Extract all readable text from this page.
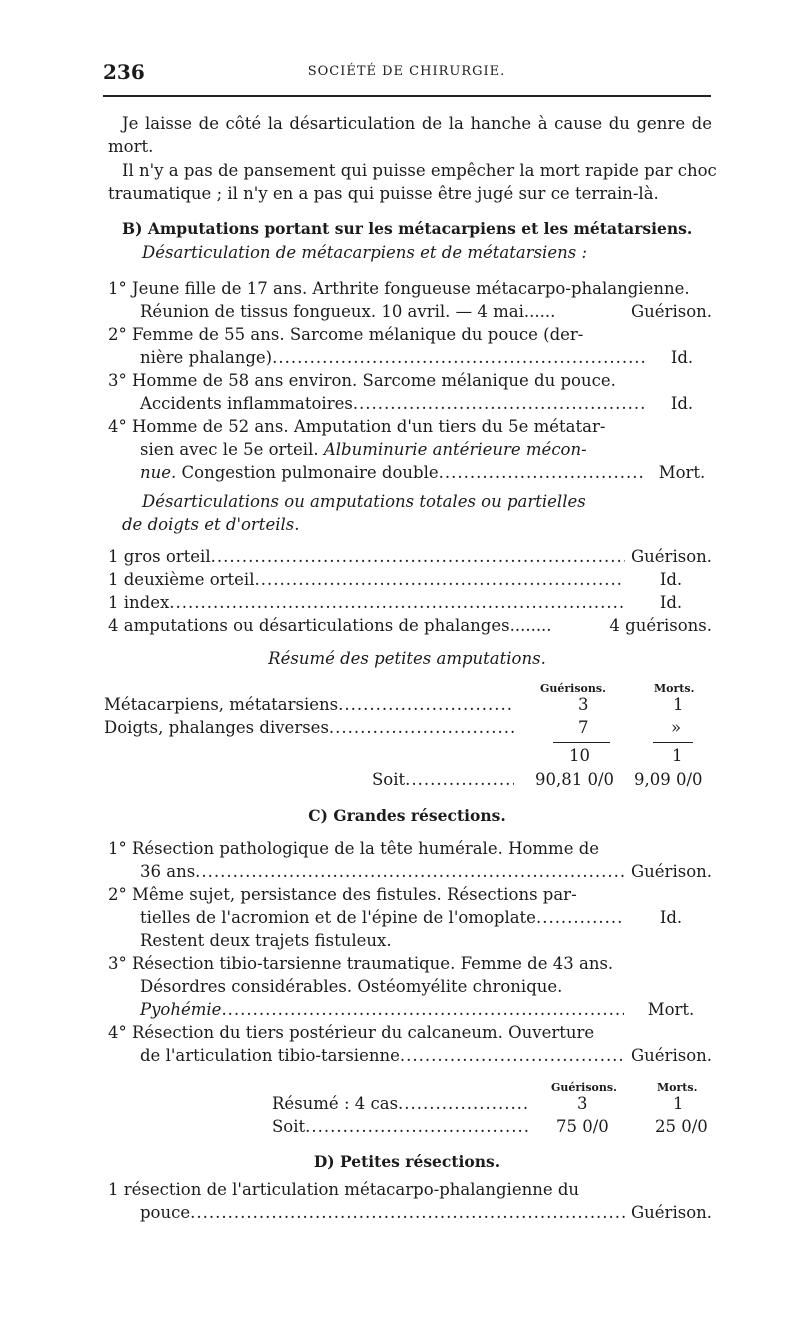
236	SOCIÉTÉ DE CHIRURGIE.
Je laisse de côté la désarticulation de la hanche à cause du genre de
mort.
Il n'y a pas de pansement qui puisse empêcher la mort rapide par choc
traumatique ; il n'y en a pas qui puisse être jugé sur ce terrain-là.
B) Amputations portant sur les métacarpiens et les métatarsiens.
Désarticulation de métacarpiens et de métatarsiens :
1° Jeune fille de 17 ans. Arthrite fongueuse métacarpo-phalangienne.
Réunion de tissus fongueux. 10 avril. — 4 mai......	Guérison.
2° Femme de 55 ans. Sarcome mélanique du pouce (der-
nière phalange) .....	Id.
3° Homme de 58 ans environ. Sarcome mélanique du pouce.
Accidents inflammatoires .....	Id.
4° Homme de 52 ans. Amputation d'un tiers du 5e métatar-
sien avec le 5e orteil. Albuminurie antérieure mécon-
nue.
Congestion pulmonaire double .....	Mort.
Désarticulations ou amputations totales ou partielles
de doigts et d'orteils.
1 gros orteil .....	Guérison.
1 deuxième orteil .....	Id.
1 index .....	Id.
4 amputations ou désarticulations de phalanges........	4 guérisons.
Résumé des petites amputations.
Guérisons.	Morts.
Métacarpiens, métatarsiens .....	3	1
Doigts, phalanges diverses .....	7	»
10	1
Soit .....	90,81 0/0 9,09 0/0
C) Grandes résections.
1° Résection pathologique de la tête humérale. Homme de
36 ans .....	Guérison.
2° Même sujet, persistance des fistules. Résections par-
tielles de l'acromion et de l'épine de l'omoplate .....	Id.
Restent deux trajets fistuleux.
3° Résection tibio-tarsienne traumatique. Femme de 43 ans.
Désordres considérables. Ostéomyélite chronique.
Pyohémie .....	Mort.
4° Résection du tiers postérieur du calcaneum. Ouverture
de l'articulation tibio-tarsienne .....	Guérison.
Guérisons.	Morts.
Résumé : 4 cas .....	3	1
Soit .....	75 0/0	25 0/0
D) Petites résections.
1 résection de l'articulation métacarpo-phalangienne du
pouce .....	Guérison.
